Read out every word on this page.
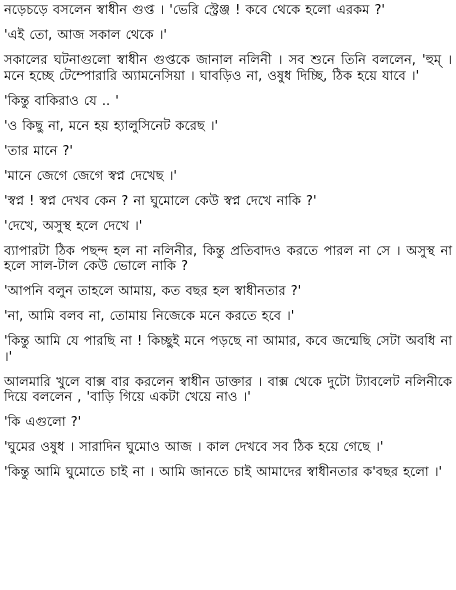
নড়েচড়ে বসলেন স্বাধীন গুপ্ত । 'ভেরি স্ট্রেঞ্জ ! কবে থেকে হলো এরকম ?'

'এই তো, আজ সকাল থেকে ।'

সকালের ঘটনাগুলো স্বাধীন গুপ্তকে জানাল নলিনী । সব শুনে তিনি বললেন, 'হুম্‌ । মনে হচ্ছে টেম্পোরারি অ্যামনেসিয়া । ঘাবড়িও না, ওষুধ দিচ্ছি, ঠিক হয়ে যাবে ।'

'কিন্তু বাকিরাও যে .. '

'ও কিছু না, মনে হয় হ্যালুসিনেট করেছ ।'

'তার মানে ?'

'মানে জেগে জেগে স্বপ্ন দেখেছ ।'

'স্বপ্ন ! স্বপ্ন দেখব কেন ? না ঘুমোলে কেউ স্বপ্ন দেখে নাকি ?'

'দেখে, অসুস্থ হলে দেখে ।'

ব্যাপারটা ঠিক পছন্দ হল না নলিনীর, কিন্তু প্রতিবাদও করতে পারল না সে । অসুস্থ না হলে সাল-টাল কেউ ভোলে নাকি ?

'আপনি বলুন তাহলে আমায়, কত বছর হল স্বাধীনতার ?'

'না, আমি বলব না, তোমায় নিজেকে মনে করতে হবে ।'

'কিন্তু আমি যে পারছি না ! কিচ্ছুই মনে পড়ছে না আমার, কবে জন্মেছি সেটা অবধি না ।'

আলমারি খুলে বাক্স বার করলেন স্বাধীন ডাক্তার । বাক্স থেকে দুটো ট্যাবলেট নলিনীকে দিয়ে বললেন , 'বাড়ি গিয়ে একটা খেয়ে নাও ।'

'কি এগুলো ?'

'ঘুমের ওষুধ । সারাদিন ঘুমোও আজ । কাল দেখবে সব ঠিক হয়ে গেছে ।'

'কিন্তু আমি ঘুমোতে চাই না । আমি জানতে চাই আমাদের স্বাধীনতার ক'বছর হলো ।'
